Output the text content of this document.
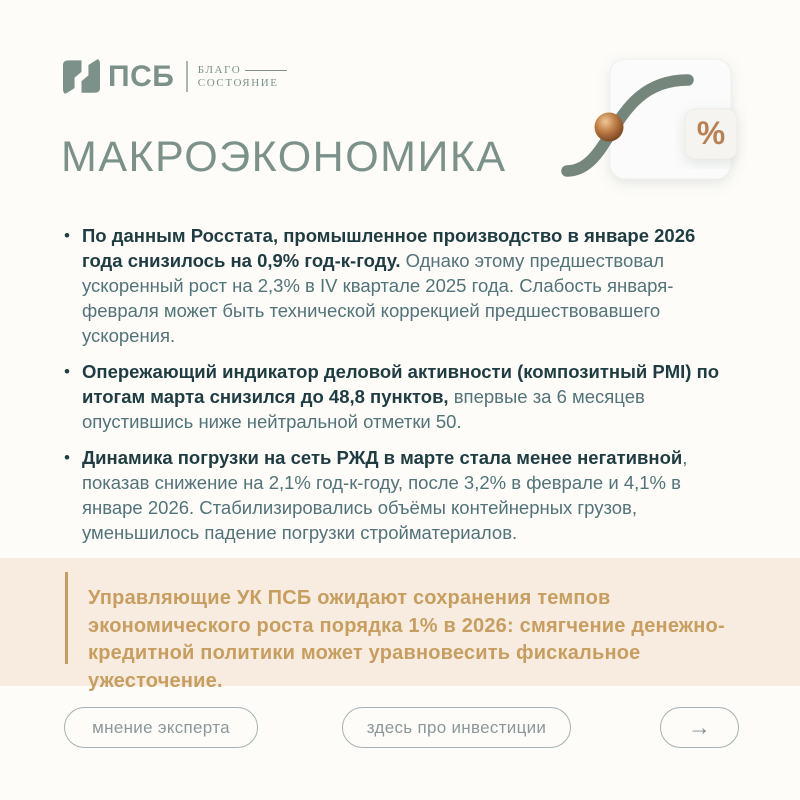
ПСБ БЛАГО
СОСТОЯНИЕ
%
МАКРОЭКОНОМИКА
• По данным Росстата, промышленное производство в январе 2026 года снизилось на 0,9% год-к-году. Однако этому предшествовал ускоренный рост на 2,3% в IV квартале 2025 года. Слабость января-февраля может быть технической коррекцией предшествовавшего ускорения.
• Опережающий индикатор деловой активности (композитный PMI) по итогам марта снизился до 48,8 пунктов, впервые за 6 месяцев опустившись ниже нейтральной отметки 50.
• Динамика погрузки на сеть РЖД в марте стала менее негативной, показав снижение на 2,1% год-к-году, после 3,2% в феврале и 4,1% в январе 2026. Стабилизировались объёмы контейнерных грузов, уменьшилось падение погрузки стройматериалов.
Управляющие УК ПСБ ожидают сохранения темпов экономического роста порядка 1% в 2026: смягчение денежно-кредитной политики может уравновесить фискальное ужесточение.
мнение эксперта	здесь про инвестиции	→
